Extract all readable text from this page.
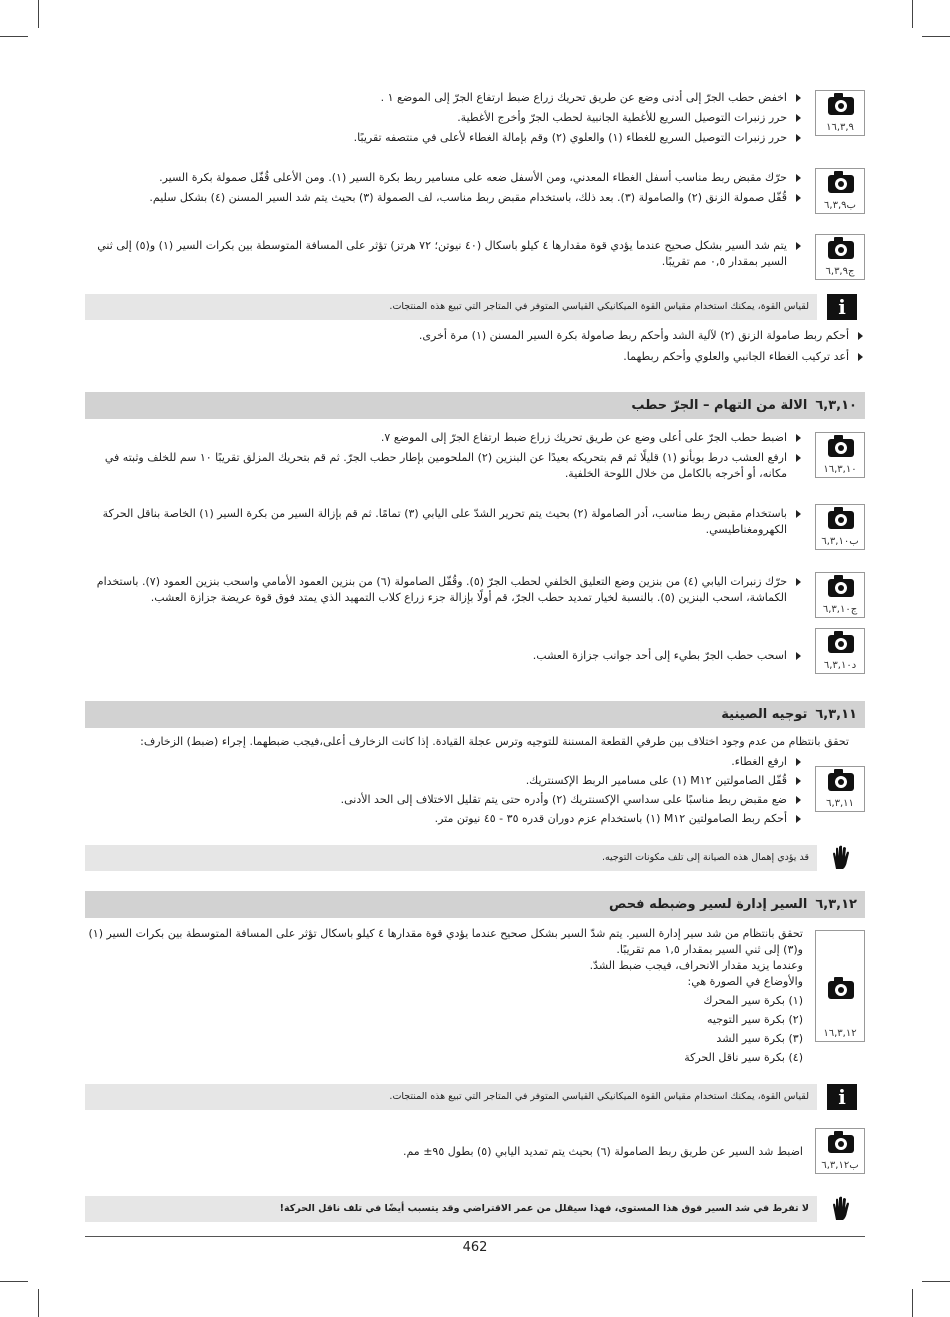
١٦,٣,٩
اخفض حطب الجرّ إلى أدنى وضع عن طريق تحريك زراع ضبط ارتفاع الجرّ إلى الموضع ١ .
حرر زنبرات التوصيل السريع للأغطية الجانبية لحطب الجرّ وأخرج الأغطية.
حرر زنبرات التوصيل السريع للغطاء (١) والعلوي (٢) وقم بإمالة الغطاء لأعلى في منتصفه تقريبًا.
ب٦,٣,٩
حرّك مقبض ربط مناسب أسفل الغطاء المعدني، ومن الأسفل ضعه على مسامير ربط بكرة السير (١). ومن الأعلى قُفّل صمولة بكرة السير.
قُفّل صمولة الزنق (٢) والصامولة (٣). بعد ذلك، باستخدام مقبض ربط مناسب، لف الصمولة (٣) بحيث يتم شد السير المسنن (٤) بشكل سليم.
ج٦,٣,٩
يتم شد السير بشكل صحيح عندما يؤدي قوة مقدارها ٤ كيلو باسكال (٤٠ نيوتن؛ ٧٢ هرتز) تؤثر على المسافة المتوسطة بين بكرات السير (١) و(٥) إلى ثني السير بمقدار ٠,٥ مم تقريبًا.
لقياس القوة، يمكنك استخدام مقياس القوة الميكانيكي القياسي المتوفر في المتاجر التي تبيع هذه المنتجات.	i
أحكم ربط صامولة الزنق (٢) لآلية الشد وأحكم ربط صامولة بكرة السير المسنن (١) مرة أخرى.
أعد تركيب الغطاء الجانبي والعلوي وأحكم ربطهما.
٦,٣,١٠الالة من التهام – الجرّ حطب
١٦,٣,١٠
اضبط حطب الجرّ على أعلى وضع عن طريق تحريك زراع ضبط ارتفاع الجرّ إلى الموضع ٧.
ارفع العشب درط بوبأنو (١) قليلًا ثم قم بتحريكه بعيدًا عن البنزين (٢) الملحومين بإطار حطب الجرّ. ثم قم بتحريك المزلق تقريبًا ١٠ سم للخلف وثبته في مكانه، أو أخرجه بالكامل من خلال اللوحة الخلفية.
ب٦,٣,١٠
باستخدام مقبض ربط مناسب، أدر الصامولة (٢) بحيث يتم تحرير الشدّ على اليابي (٣) تمامًا. ثم قم بإزالة السير من بكرة السير (١) الخاصة بناقل الحركة الكهرومغناطيسي.
ج٦,٣,١٠
حرّك زنبرات اليابي (٤) من بنزين وضع التعليق الخلفي لحطب الجرّ (٥). وقُفّل الصامولة (٦) من بنزين العمود الأمامي واسحب بنزين العمود (٧). باستخدام الكماشة، اسحب البنزين (٥). بالنسبة لخيار تمديد حطب الجرّ، قم أولًا بإزالة جزء زراع كلاب التمهيد الذي يمتد فوق قوة عريضة جزازة العشب.
د٦,٣,١٠
اسحب حطب الجرّ بطيء إلى أحد جوانب جزازة العشب.
٦,٣,١١توجيه الصينية
تحقق بانتظام من عدم وجود اختلاف بين طرفي القطعة المسننة للتوجيه وترس عجلة القيادة. إذا كانت الزخارف أعلى،فيجب ضبطهما. إجراء (ضبط) الزخارف:
٦,٣,١١
ارفع الغطاء.
قُفّل الصامولتين M١٢ (١) على مسامير الربط الإكسنتريك.
ضع مقبض ربط مناسبًا على سداسي الإكسنتريك (٢) وأدره حتى يتم تقليل الاختلاف إلى الحد الأدنى.
أحكم ربط الصامولتين M١٢ (١) باستخدام عزم دوران قدره ٣٥ - ٤٥ نيوتن متر.
قد يؤدي إهمال هذه الصيانة إلى تلف مكونات التوجيه.
٦,٣,١٢السير إدارة لسير وضبطه فحص
١٦,٣,١٢
تحقق بانتظام من شد سير إدارة السير. يتم شدّ السير بشكل صحيح عندما يؤدي قوة مقدارها ٤ كيلو باسكال تؤثر على المسافة المتوسطة بين بكرات السير (١) و(٣) إلى ثني السير بمقدار ١,٥ مم تقريبًا.
وعندما يزيد مقدار الانحراف، فيجب ضبط الشدّ.
والأوضاع في الصورة هي:
(١) بكرة سير المحرك
(٢) بكرة سير التوجيه
(٣) بكرة سير الشد
(٤) بكرة سير ناقل الحركة
لقياس القوة، يمكنك استخدام مقياس القوة الميكانيكي القياسي المتوفر في المتاجر التي تبيع هذه المنتجات.	i
ب٦,٣,١٢
اضبط شد السير عن طريق ربط الصامولة (٦) بحيث يتم تمديد اليابي (٥) بطول ٩٥± مم.
لا تفرط في شد السير فوق هذا المستوى، فهذا سيقلل من عمر الاقتراضي وقد يتسبب أيضًا في تلف ناقل الحركة!
462
